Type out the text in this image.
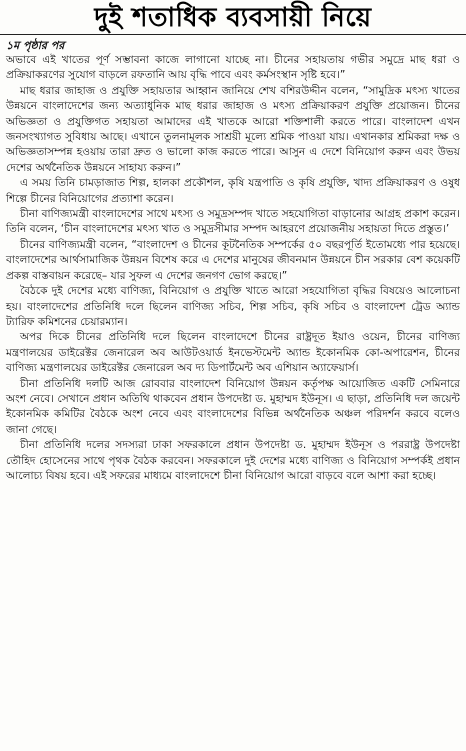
দুই শতাধিক ব্যবসায়ী নিয়ে
১ম পৃষ্ঠার পর

অভাবে এই খাতের পূর্ণ সম্ভাবনা কাজে লাগানো যাচ্ছে না। চীনের সহায়তায় গভীর সমুদ্রে মাছ ধরা ও প্রক্রিয়াকরণের সুযোগ বাড়লে রফতানি আয় বৃদ্ধি পাবে এবং কর্মসংস্থান সৃষ্টি হবে।”

মাছ ধরার জাহাজ ও প্রযুক্তি সহায়তার আহ্বান জানিয়ে শেখ বশিরউদ্দীন বলেন, “সামুদ্রিক মৎস্য খাতের উন্নয়নে বাংলাদেশের জন্য অত্যাধুনিক মাছ ধরার জাহাজ ও মৎস্য প্রক্রিয়াকরণ প্রযুক্তি প্রয়োজন। চীনের অভিজ্ঞতা ও প্রযুক্তিগত সহায়তা আমাদের এই খাতকে আরো শক্তিশালী করতে পারে। বাংলাদেশ এখন জনসংখ্যাগত সুবিধায় আছে। এখানে তুলনামূলক সাশ্রয়ী মূল্যে শ্রমিক পাওয়া যায়। এখানকার শ্রমিকরা দক্ষ ও অভিজ্ঞতাসম্পন্ন হওয়ায় তারা দ্রুত ও ভালো কাজ করতে পারে। আসুন এ দেশে বিনিয়োগ করুন এবং উভয় দেশের অর্থনৈতিক উন্নয়নে সাহায্য করুন।”

এ সময় তিনি চামড়াজাত শিল্প, হালকা প্রকৌশল, কৃষি যন্ত্রপাতি ও কৃষি প্রযুক্তি, খাদ্য প্রক্রিয়াকরণ ও ওষুধ শিল্পে চীনের বিনিয়োগের প্রত্যাশা করেন।

চীনা বাণিজ্যমন্ত্রী বাংলাদেশের সাথে মৎস্য ও সমুদ্রসম্পদ খাতে সহযোগিতা বাড়ানোর আগ্রহ প্রকাশ করেন। তিনি বলেন, ‘চীন বাংলাদেশের মৎস্য খাত ও সমুদ্রসীমার সম্পদ আহরণে প্রয়োজনীয় সহায়তা দিতে প্রস্তুত।’

চীনের বাণিজ্যমন্ত্রী বলেন, “বাংলাদেশ ও চীনের কূটনৈতিক সম্পর্কের ৫০ বছরপূর্তি ইতোমধ্যে পার হয়েছে। বাংলাদেশের আর্থসামাজিক উন্নয়ন বিশেষ করে এ দেশের মানুষের জীবনমান উন্নয়নে চীন সরকার বেশ কয়েকটি প্রকল্প বাস্তবায়ন করেছে– যার সুফল এ দেশের জনগণ ভোগ করছে।”

বৈঠকে দুই দেশের মধ্যে বাণিজ্য, বিনিয়োগ ও প্রযুক্তি খাতে আরো সহযোগিতা বৃদ্ধির বিষয়েও আলোচনা হয়। বাংলাদেশের প্রতিনিধি দলে ছিলেন বাণিজ্য সচিব, শিল্প সচিব, কৃষি সচিব ও বাংলাদেশ ট্রেড অ্যান্ড ট্যারিফ কমিশনের চেয়ারম্যান।

অপর দিকে চীনের প্রতিনিধি দলে ছিলেন বাংলাদেশে চীনের রাষ্ট্রদূত ইয়াও ওয়েন, চীনের বাণিজ্য মন্ত্রণালয়ের ডাইরেক্টর জেনারেল অব আউটওয়ার্ড ইনভেস্টমেন্ট অ্যান্ড ইকোনমিক কো-অপারেশন, চীনের বাণিজ্য মন্ত্রণালয়ের ডাইরেক্টর জেনারেল অব দ্য ডিপার্টমেন্ট অব এশিয়ান অ্যাফেয়ার্স।

চীনা প্রতিনিধি দলটি আজ রোববার বাংলাদেশ বিনিয়োগ উন্নয়ন কর্তৃপক্ষ আয়োজিত একটি সেমিনারে অংশ নেবে। সেখানে প্রধান অতিথি থাকবেন প্রধান উপদেষ্টা ড. মুহাম্মদ ইউনূস। এ ছাড়া, প্রতিনিধি দল জয়েন্ট ইকোনমিক কমিটির বৈঠকে অংশ নেবে এবং বাংলাদেশের বিভিন্ন অর্থনৈতিক অঞ্চল পরিদর্শন করবে বলেও জানা গেছে।

চীনা প্রতিনিধি দলের সদস্যরা ঢাকা সফরকালে প্রধান উপদেষ্টা ড. মুহাম্মদ ইউনূস ও পররাষ্ট্র উপদেষ্টা তৌহিদ হোসেনের সাথে পৃথক বৈঠক করবেন। সফরকালে দুই দেশের মধ্যে বাণিজ্য ও বিনিয়োগ সম্পর্কই প্রধান আলোচ্য বিষয় হবে। এই সফরের মাধ্যমে বাংলাদেশে চীনা বিনিয়োগ আরো বাড়বে বলে আশা করা হচ্ছে।
